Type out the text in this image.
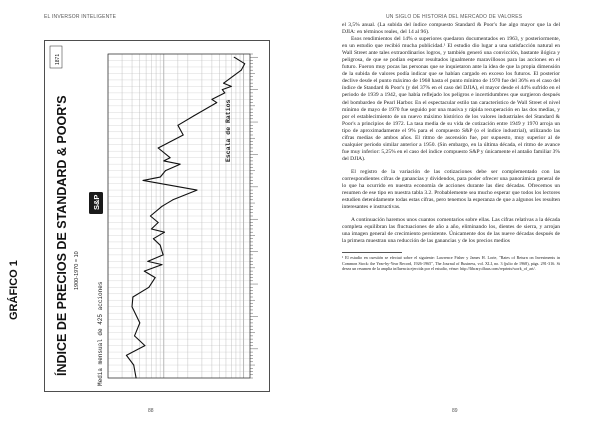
EL INVERSOR INTELIGENTE
GRÁFICO 1	ÍNDICE DE PRECIOS DE STANDARD & POOR'S 1900-1970 = 10
Escala de Ratios
Media mensual de 425 acciones
S&P
1871
88
UN SIGLO DE HISTORIA DEL MERCADO DE VALORES

el 3,5% anual. (La subida del índice compuesto Standard & Poor's fue algo mayor que la del DJIA: en términos reales, del 14 al 96).

Esos rendimientos del 14% o superiores quedaron documentados en 1963, y posteriormente, en un estudio que recibió mucha publicidad.¹ El estudio dio lugar a una satisfacción natural en Wall Street ante tales extraordinarios logros, y también generó una convicción, bastante ilógica y peligrosa, de que se podían esperar resultados igualmente maravillosos para las acciones en el futuro. Fueron muy pocas las personas que se inquietaron ante la idea de que la propia dimensión de la subida de valores podía indicar que se habían cargado en exceso los futuros. El posterior declive desde el punto máximo de 1968 hasta el punto mínimo de 1970 fue del 36% en el caso del índice de Standard & Poor's (y del 37% en el caso del DJIA), el mayor desde el 44% sufrido en el periodo de 1939 a 1942, que había reflejado los peligros e incertidumbres que surgieron después del bombardeo de Pearl Harbor. En el espectacular estilo tan característico de Wall Street el nivel mínimo de mayo de 1970 fue seguido por una masiva y rápida recuperación en las dos medias, y por el establecimiento de un nuevo máximo histórico de los valores industriales del Standard & Poor's a principios de 1972. La tasa media de su vida de cotización entre 1949 y 1970 arroja un tipo de aproximadamente el 9% para el compuesto S&P (o el índice industrial), utilizando las cifras medias de ambos años. El ritmo de ascensión fue, por supuesto, muy superior al de cualquier periodo similar anterior a 1950. (Sin embargo, en la última década, el ritmo de avance fue muy inferior: 5,25% en el caso del índice compuesto S&P y únicamente el antaño familiar 3% del DJIA).

El registro de la variación de las cotizaciones debe ser complementado con las correspondientes cifras de ganancias y dividendos, para poder ofrecer una panorámica general de lo que ha ocurrido en nuestra economía de acciones durante las diez décadas. Ofrecemos un resumen de ese tipo en nuestra tabla 3.2. Probablemente sea mucho esperar que todos los lectores estudien detenidamente todas estas cifras, pero tenemos la esperanza de que a algunos les resulten interesantes e instructivas.

A continuación haremos unos cuantos comentarios sobre ellas. Las cifras relativas a la década completa equilibran las fluctuaciones de año a año, eliminando los, dientes de sierra, y arrojan una imagen general de crecimiento persistente. Únicamente dos de las nueve décadas después de la primera muestran una reducción de las ganancias y de los precios medios

¹ El estudio en cuestión se efectuó sobre el siguiente: Lawrence Fisher y James H. Lorie, "Rates of Return on Investments in Common Stock: the Year-by-Year Record, 1926-1965", The Journal of Business, vol. XLI, no. 3 (julio de 1968), págs. 291-316. Si desea un resumen de la amplia influencia ejercida por el estudio, véase: http://library.dfaus.com/reprints/work_of_art/.
89
